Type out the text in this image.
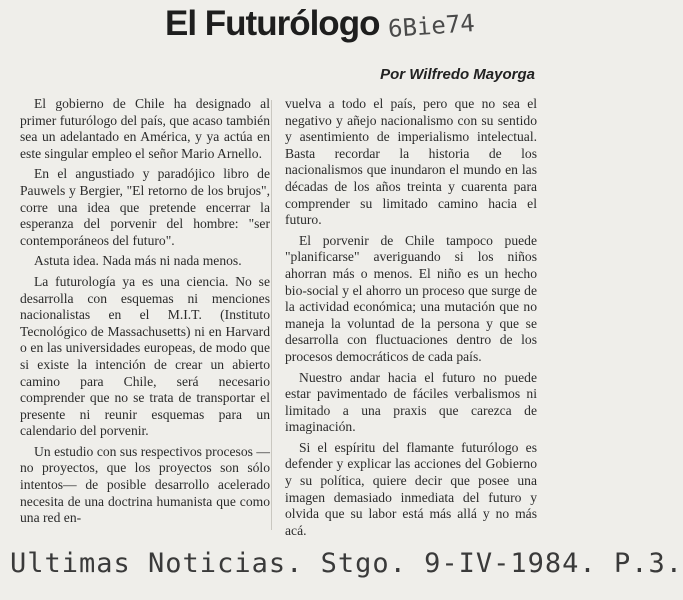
El Futurólogo 6Bie74
Por Wilfredo Mayorga

El gobierno de Chile ha designado al primer futurólogo del país, que acaso también sea un adelantado en América, y ya actúa en este singular empleo el señor Mario Arnello.

En el angustiado y paradójico libro de Pauwels y Bergier, "El retorno de los brujos", corre una idea que pretende encerrar la esperanza del porvenir del hombre: "ser contemporáneos del futuro".

Astuta idea. Nada más ni nada menos.

La futurología ya es una ciencia. No se desarrolla con esquemas ni menciones nacionalistas en el M.I.T. (Instituto Tecnológico de Massachusetts) ni en Harvard o en las universidades europeas, de modo que si existe la intención de crear un abierto camino para Chile, será necesario comprender que no se trata de transportar el presente ni reunir esquemas para un calendario del porvenir.

Un estudio con sus respectivos procesos —no proyectos, que los proyectos son sólo intentos— de posible desarrollo acelerado necesita de una doctrina humanista que como una red en-

vuelva a todo el país, pero que no sea el negativo y añejo nacionalismo con su sentido y asentimiento de imperialismo intelectual. Basta recordar la historia de los nacionalismos que inundaron el mundo en las décadas de los años treinta y cuarenta para comprender su limitado camino hacia el futuro.

El porvenir de Chile tampoco puede "planificarse" averiguando si los niños ahorran más o menos. El niño es un hecho bio-social y el ahorro un proceso que surge de la actividad económica; una mutación que no maneja la voluntad de la persona y que se desarrolla con fluctuaciones dentro de los procesos democráticos de cada país.

Nuestro andar hacia el futuro no puede estar pavimentado de fáciles verbalismos ni limitado a una praxis que carezca de imaginación.

Si el espíritu del flamante futurólogo es defender y explicar las acciones del Gobierno y su política, quiere decir que posee una imagen demasiado inmediata del futuro y olvida que su labor está más allá y no más acá.

Ultimas Noticias. Stgo. 9-IV-1984. P.3.
